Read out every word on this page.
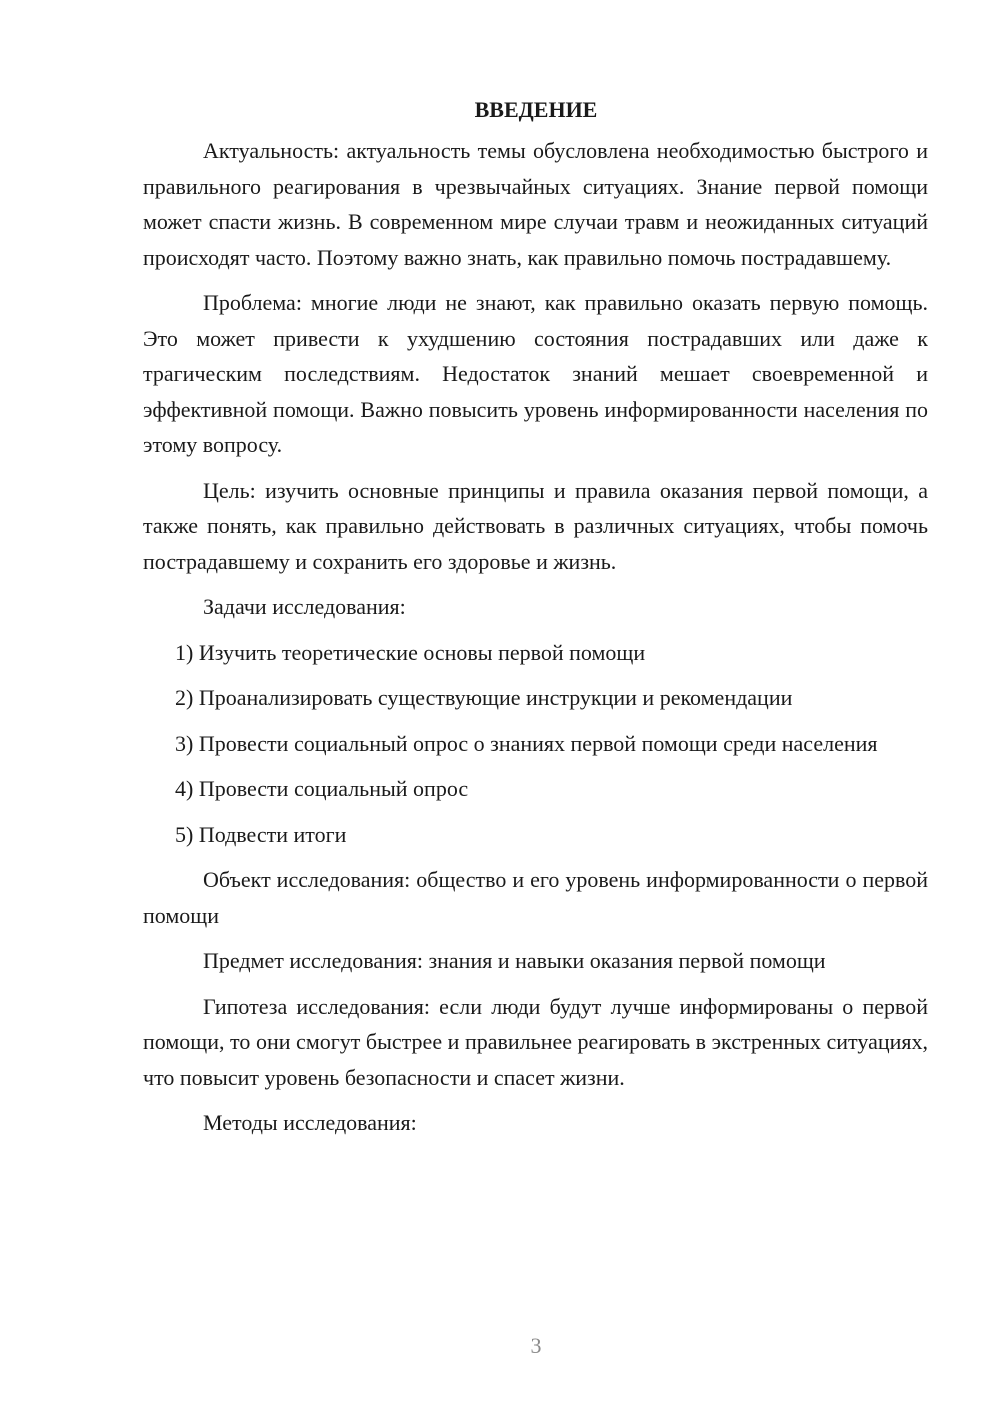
ВВЕДЕНИЕ

Актуальность: актуальность темы обусловлена необходимостью быстрого и правильного реагирования в чрезвычайных ситуациях. Знание первой помощи может спасти жизнь. В современном мире случаи травм и неожиданных ситуаций происходят часто. Поэтому важно знать, как правильно помочь пострадавшему.

Проблема: многие люди не знают, как правильно оказать первую помощь. Это может привести к ухудшению состояния пострадавших или даже к трагическим последствиям. Недостаток знаний мешает своевременной и эффективной помощи. Важно повысить уровень информированности населения по этому вопросу.

Цель: изучить основные принципы и правила оказания первой помощи, а также понять, как правильно действовать в различных ситуациях, чтобы помочь пострадавшему и сохранить его здоровье и жизнь.

Задачи исследования:

1) Изучить теоретические основы первой помощи

2) Проанализировать существующие инструкции и рекомендации

3) Провести социальный опрос о знаниях первой помощи среди населения

4) Провести социальный опрос

5) Подвести итоги

Объект исследования: общество и его уровень информированности о первой помощи

Предмет исследования: знания и навыки оказания первой помощи

Гипотеза исследования: если люди будут лучше информированы о первой помощи, то они смогут быстрее и правильнее реагировать в экстренных ситуациях, что повысит уровень безопасности и спасет жизни.

Методы исследования:

3
